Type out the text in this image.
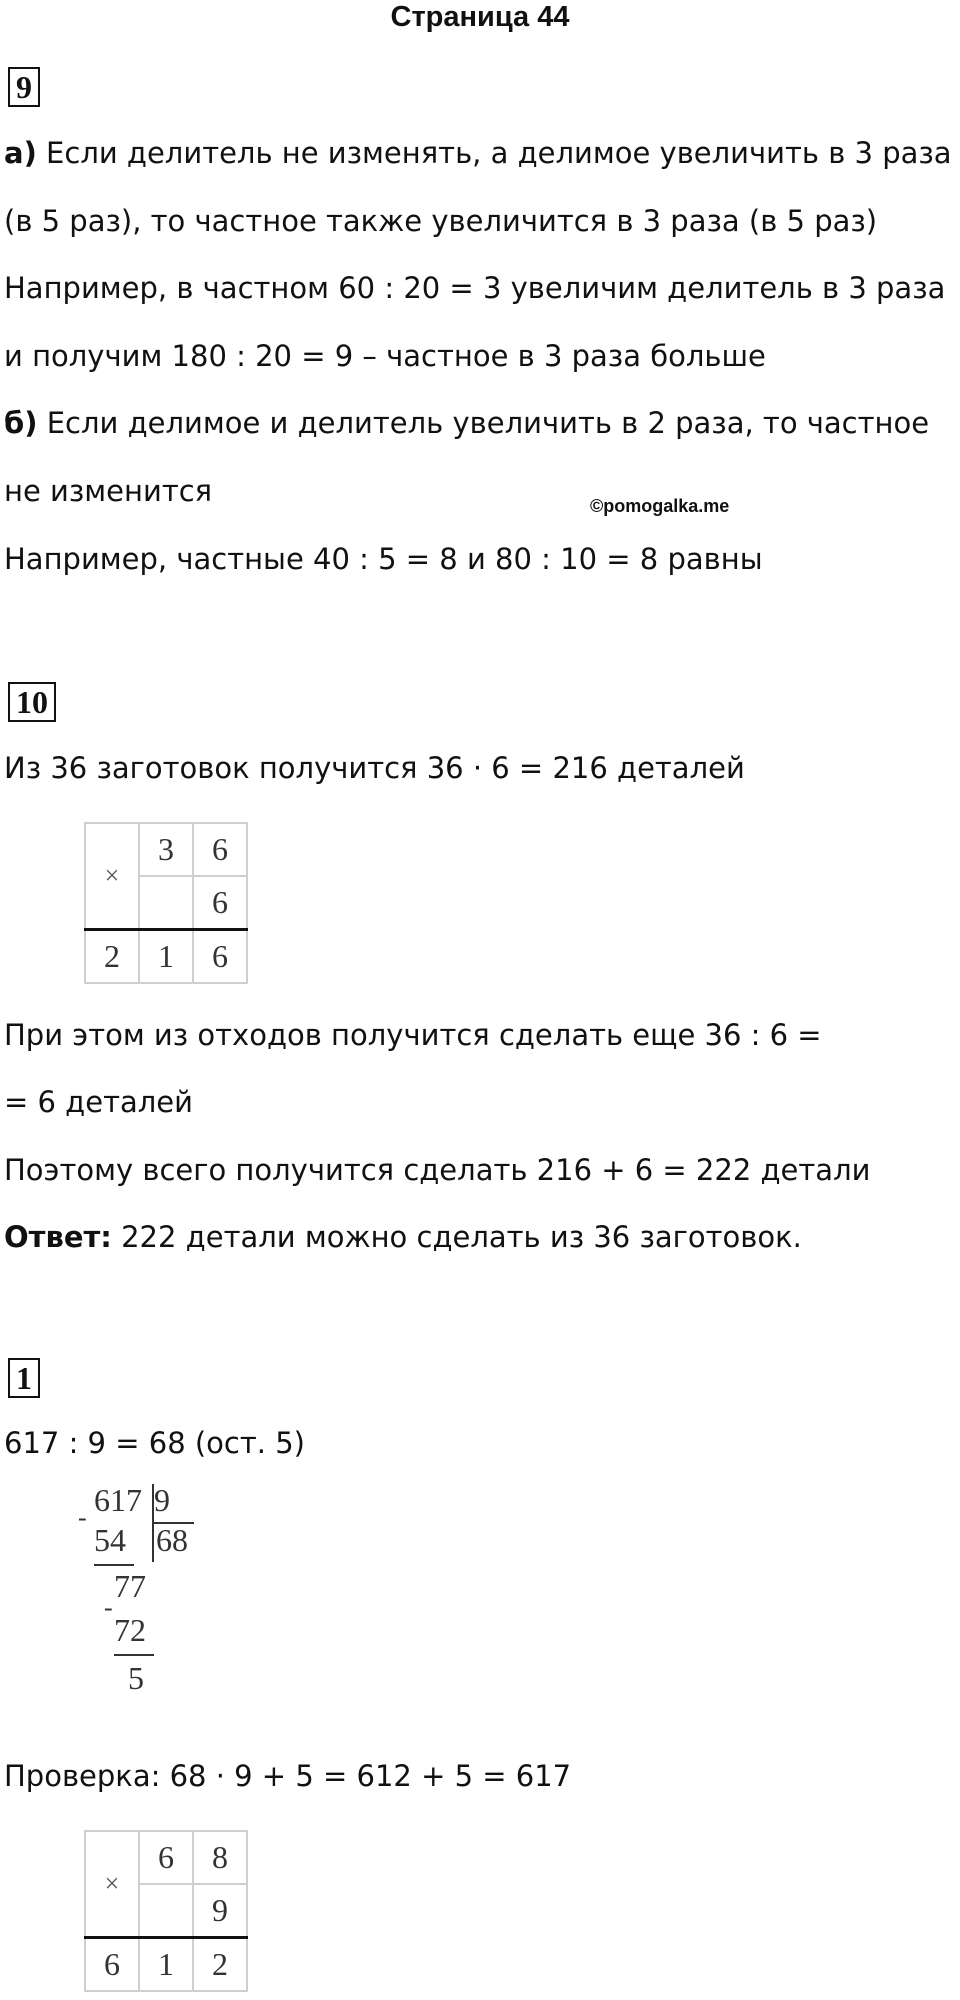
Страница 44
9
а) Если делитель не изменять, а делимое увеличить в 3 раза
(в 5 раз), то частное также увеличится в 3 раза (в 5 раз)
Например, в частном 60 : 20 = 3 увеличим делитель в 3 раза
и получим 180 : 20 = 9 – частное в 3 раза больше
б) Если делимое и делитель увеличить в 2 раза, то частное
не изменится	©pomogalka.me
Например, частные 40 : 5 = 8 и 80 : 10 = 8 равны
10
Из 36 заготовок получится 36 · 6 = 216 деталей
×	3	6
		6
2	1	6
При этом из отходов получится сделать еще 36 : 6 =
= 6 деталей
Поэтому всего получится сделать 216 + 6 = 222 детали
Ответ: 222 детали можно сделать из 36 заготовок.
1
617 : 9 = 68 (ост. 5)
617 9
-
54 68
77
-
72
5
Проверка: 68 · 9 + 5 = 612 + 5 = 617
×	6	8
		9
6	1	2
